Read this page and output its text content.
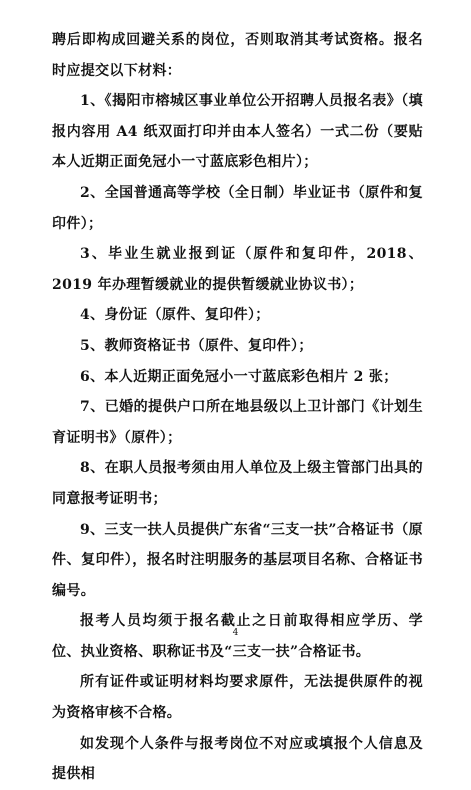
聘后即构成回避关系的岗位，否则取消其考试资格。报名时应提交以下材料：

1、《揭阳市榕城区事业单位公开招聘人员报名表》（填报内容用 A4 纸双面打印并由本人签名）一式二份（要贴本人近期正面免冠小一寸蓝底彩色相片）；

2、全国普通高等学校（全日制）毕业证书（原件和复印件）；

3、毕业生就业报到证（原件和复印件，2018、2019 年办理暂缓就业的提供暂缓就业协议书）；

4、身份证（原件、复印件）；

5、教师资格证书（原件、复印件）；

6、本人近期正面免冠小一寸蓝底彩色相片 2 张；

7、已婚的提供户口所在地县级以上卫计部门《计划生育证明书》（原件）；

8、在职人员报考须由用人单位及上级主管部门出具的同意报考证明书；

9、三支一扶人员提供广东省“三支一扶”合格证书（原件、复印件），报名时注明服务的基层项目名称、合格证书编号。

报考人员均须于报名截止之日前取得相应学历、学位、执业资格、职称证书及“三支一扶”合格证书。

所有证件或证明材料均要求原件，无法提供原件的视为资格审核不合格。

如发现个人条件与报考岗位不对应或填报个人信息及提供相

4
